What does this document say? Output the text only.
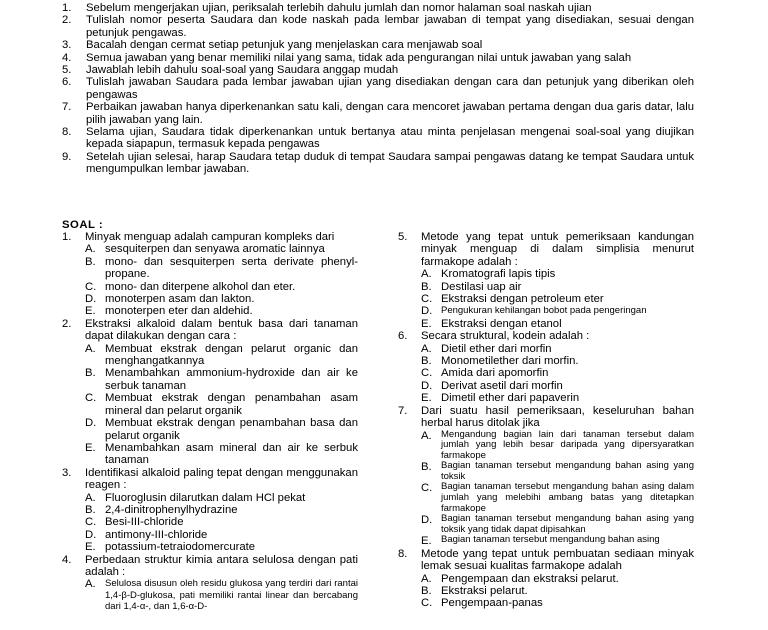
1.	Sebelum mengerjakan ujian, periksalah terlebih dahulu jumlah dan nomor halaman soal naskah ujian
2.	Tulislah nomor peserta Saudara dan kode naskah pada lembar jawaban di tempat yang disediakan, sesuai dengan petunjuk pengawas.
3.	Bacalah dengan cermat setiap petunjuk yang menjelaskan cara menjawab soal
4.	Semua jawaban yang benar memiliki nilai yang sama, tidak ada pengurangan nilai untuk jawaban yang salah
5.	Jawablah lebih dahulu soal-soal yang Saudara anggap mudah
6.	Tulislah jawaban Saudara pada lembar jawaban ujian yang disediakan dengan cara dan petunjuk yang diberikan oleh pengawas
7.	Perbaikan jawaban hanya diperkenankan satu kali, dengan cara mencoret jawaban pertama dengan dua garis datar, lalu pilih jawaban yang lain.
8.	Selama ujian, Saudara tidak diperkenankan untuk bertanya atau minta penjelasan mengenai soal-soal yang diujikan kepada siapapun, termasuk kepada pengawas
9.	Setelah ujian selesai, harap Saudara tetap duduk di tempat Saudara sampai pengawas datang ke tempat Saudara untuk mengumpulkan lembar jawaban.
SOAL :
1.	Minyak menguap adalah campuran kompleks dari
A. sesquiterpen dan senyawa aromatic lainnya
B. mono- dan sesquiterpen serta derivate phenyl-propane.
C. mono- dan diterpene alkohol dan eter.
D. monoterpen asam dan lakton.
E. monoterpen eter dan aldehid.
2.	Ekstraksi alkaloid dalam bentuk basa dari tanaman dapat dilakukan dengan cara :
A. Membuat ekstrak dengan pelarut organic dan menghangatkannya
B. Menambahkan ammonium-hydroxide dan air ke serbuk tanaman
C. Membuat ekstrak dengan penambahan asam mineral dan pelarut organik
D. Membuat ekstrak dengan penambahan basa dan pelarut organik
E. Menambahkan asam mineral dan air ke serbuk tanaman
3.	Identifikasi alkaloid paling tepat dengan menggunakan reagen :
A. Fluoroglusin dilarutkan dalam HCl pekat
B. 2,4-dinitrophenylhydrazine
C. Besi-III-chloride
D. antimony-III-chloride
E. potassium-tetraiodomercurate
4.	Perbedaan struktur kimia antara selulosa dengan pati adalah :
A. Selulosa disusun oleh residu glukosa yang terdiri dari rantai 1,4-β-D-glukosa, pati memiliki rantai linear dan bercabang dari 1,4-α-, dan 1,6-α-D-
5.	Metode yang tepat untuk pemeriksaan kandungan minyak menguap di dalam simplisia menurut farmakope adalah :
A. Kromatografi lapis tipis
B. Destilasi uap air
C. Ekstraksi dengan petroleum eter
D. Pengukuran kehilangan bobot pada pengeringan
E. Ekstraksi dengan etanol
6.	Secara struktural, kodein adalah :
A. Dietil ether dari morfin
B. Monometilether dari morfin.
C. Amida dari apomorfin
D. Derivat asetil dari morfin
E. Dimetil ether dari papaverin
7.	Dari suatu hasil pemeriksaan, keseluruhan bahan herbal harus ditolak jika
A. Mengandung bagian lain dari tanaman tersebut dalam jumlah yang lebih besar daripada yang dipersyaratkan farmakope
B. Bagian tanaman tersebut mengandung bahan asing yang toksik
C. Bagian tanaman tersebut mengandung bahan asing dalam jumlah yang melebihi ambang batas yang ditetapkan farmakope
D. Bagian tanaman tersebut mengandung bahan asing yang toksik yang tidak dapat dipisahkan
E. Bagian tanaman tersebut mengandung bahan asing
8.	Metode yang tepat untuk pembuatan sediaan minyak lemak sesuai kualitas farmakope adalah
A. Pengempaan dan ekstraksi pelarut.
B. Ekstraksi pelarut.
C. Pengempaan-panas
